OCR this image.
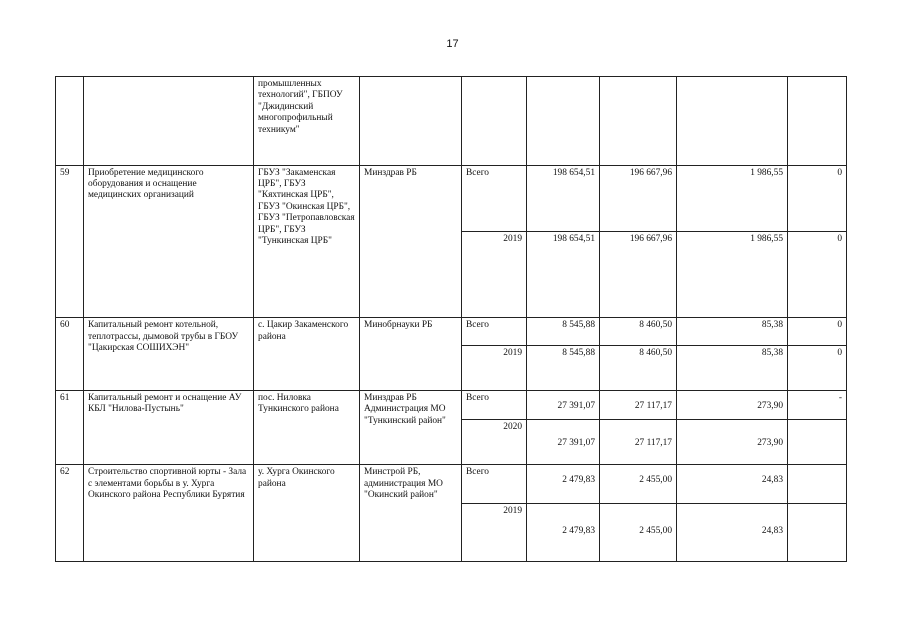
17
		промышленных технологий", ГБПОУ "Джидинский многопрофильный техникум"						
59	Приобретение медицинского оборудования и оснащение медицинских организаций	ГБУЗ "Закаменская ЦРБ", ГБУЗ "Кяхтинская ЦРБ", ГБУЗ "Окинская ЦРБ", ГБУЗ "Петропавловская ЦРБ", ГБУЗ "Тункинская ЦРБ"	Минздрав РБ	Всего	198 654,51	196 667,96	1 986,55	0
				2019	198 654,51	196 667,96	1 986,55	0
60	Капитальный ремонт котельной, теплотрассы, дымовой трубы в ГБОУ "Цакирская СОШИХЭН"	с. Цакир Закаменского района	Минобрнауки РБ	Всего	8 545,88	8 460,50	85,38	0
				2019	8 545,88	8 460,50	85,38	0
61	Капитальный ремонт и оснащение АУ КБЛ "Нилова-Пустынь"	пос. Ниловка Тункинского района	Минздрав РБ Администрация МО "Тункинский район"	Всего	27 391,07	27 117,17	273,90	-
				2020	27 391,07	27 117,17	273,90	
62	Строительство спортивной юрты - Зала с элементами борьбы в у. Хурга Окинского района Республики Бурятия	у. Хурга Окинского района	Минстрой РБ, администрация МО "Окинский район"	Всего	2 479,83	2 455,00	24,83	
				2019	2 479,83	2 455,00	24,83	
